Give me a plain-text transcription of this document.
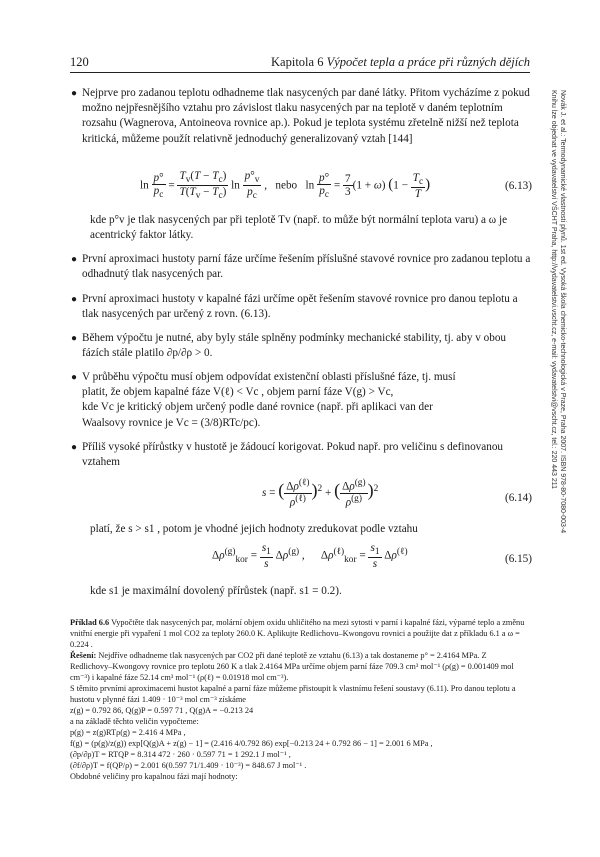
120	Kapitola 6 Výpočet tepla a práce při různých dějích
Novák J. et al.: Termodynamické vlastnosti plynů. 1st ed. Vysoká škola chemicko-technologická v Praze, Praha 2007. ISBN 978-80-7080-003-4
Knihu lze objednat ve vydavatelství VŠCHT Praha, http://vydavatelstvi.vscht.cz, e-mail: vydavatelstvi@vscht.cz, tel.: 220 443 211
● Nejprve pro zadanou teplotu odhadneme tlak nasycených par dané látky. Přitom vycházíme z pokud možno nejpřesnějšího vztahu pro závislost tlaku nasycených par na teplotě v daném teplotním rozsahu (Wagnerova, Antoineova rovnice ap.). Pokud je teplota systému zřetelně nižší než teplota kritická, můžeme použít relativně jednoduchý generalizovaný vztah [144]
$\ln \frac{p^\circ}{p_c} = \frac{T_v(T - T_c)}{T(T_v - T_c)}$ $\ln \frac{p^\circ_v}{p_c}$ ,   nebo   $\ln \frac{p^\circ}{p_c} = \frac{7}{3} (1 + \omega) (1 - \frac{T_c}{T}$ )	(6.13)
kde p°v je tlak nasycených par při teplotě Tv (např. to může být normální teplota varu) a ω je acentrický faktor látky.
● První aproximaci hustoty parní fáze určíme řešením příslušné stavové rovnice pro zadanou teplotu a odhadnutý tlak nasycených par.
● První aproximaci hustoty v kapalné fázi určíme opět řešením stavové rovnice pro danou teplotu a tlak nasycených par určený z rovn. (6.13).
● Během výpočtu je nutné, aby byly stále splněny podmínky mechanické stability, tj. aby v obou fázích stále platilo ∂p/∂ρ > 0.
● V průběhu výpočtu musí objem odpovídat existenční oblasti příslušné fáze, tj. musí
platit, že objem kapalné fáze V(ℓ) < Vc , objem parní fáze V(g) > Vc,
kde Vc je kritický objem určený podle dané rovnice (např. při aplikaci van der
Waalsovy rovnice je Vc = (3/8)RTc/pc).
● Příliš vysoké přírůstky v hustotě je žádoucí korigovat. Pokud např. pro veličinu s definovanou vztahem
s = ( $\frac{\Delta\rho^{(\ell)}}{\rho^{(\ell)}} )^2$ + ( $\frac{\Delta\rho^{(g)}}{\rho^{(g)}} )^2$
(6.14)
platí, že s > s1 , potom je vhodné jejich hodnoty zredukovat podle vztahu
$\Delta\rho^{(g)}_{kor} = \frac{s_1}{s} \Delta\rho^{(g)}$ ,      $\Delta\rho^{(\ell)}_{kor} = \frac{s_1}{s} \Delta\rho^{(\ell)}$
(6.15)
kde s1 je maximální dovolený přírůstek (např. s1 = 0.2).
Příklad 6.6 Vypočtěte tlak nasycených par, molární objem oxidu uhličitého na mezi sytosti v parní i kapalné fázi, výparné teplo a změnu vnitřní energie při vypaření 1 mol CO2 za teploty 260.0 K. Aplikujte Redlichovu–Kwongovu rovnici a použijte dat z příkladu 6.1 a ω = 0.224 .
Řešení: Nejdříve odhadneme tlak nasycených par CO2 při dané teplotě ze vztahu (6.13) a tak dostaneme p° = 2.4164 MPa. Z Redlichovy–Kwongovy rovnice pro teplotu 260 K a tlak 2.4164 MPa určíme objem parní fáze 709.3 cm³ mol⁻¹ (ρ(g) = 0.001409 mol cm⁻³) i kapalné fáze 52.14 cm³ mol⁻¹ (ρ(ℓ) = 0.01918 mol cm⁻³).
S těmito prvními aproximacemi hustot kapalné a parní fáze můžeme přistoupit k vlastnímu řešení soustavy (6.11). Pro danou teplotu a hustotu v plynné fázi 1.409 · 10⁻³ mol cm⁻³ získáme
z(g) = 0.792 86, Q(g)P = 0.597 71 , Q(g)A = −0.213 24
a na základě těchto veličin vypočteme:
p(g) = z(g)RTρ(g) = 2.416 4 MPa ,
f(g) = (p(g)/z(g)) exp[Q(g)A + z(g) − 1] = (2.416 4/0.792 86) exp[−0.213 24 + 0.792 86 − 1] = 2.001 6 MPa ,
(∂p/∂ρ)T = RTQP = 8.314 472 · 260 · 0.597 71 = 1 292.1 J mol⁻¹ ,
(∂f/∂ρ)T = f(QP/ρ) = 2.001 6(0.597 71/1.409 · 10⁻³) = 848.67 J mol⁻¹ .
Obdobné veličiny pro kapalnou fázi mají hodnoty:
